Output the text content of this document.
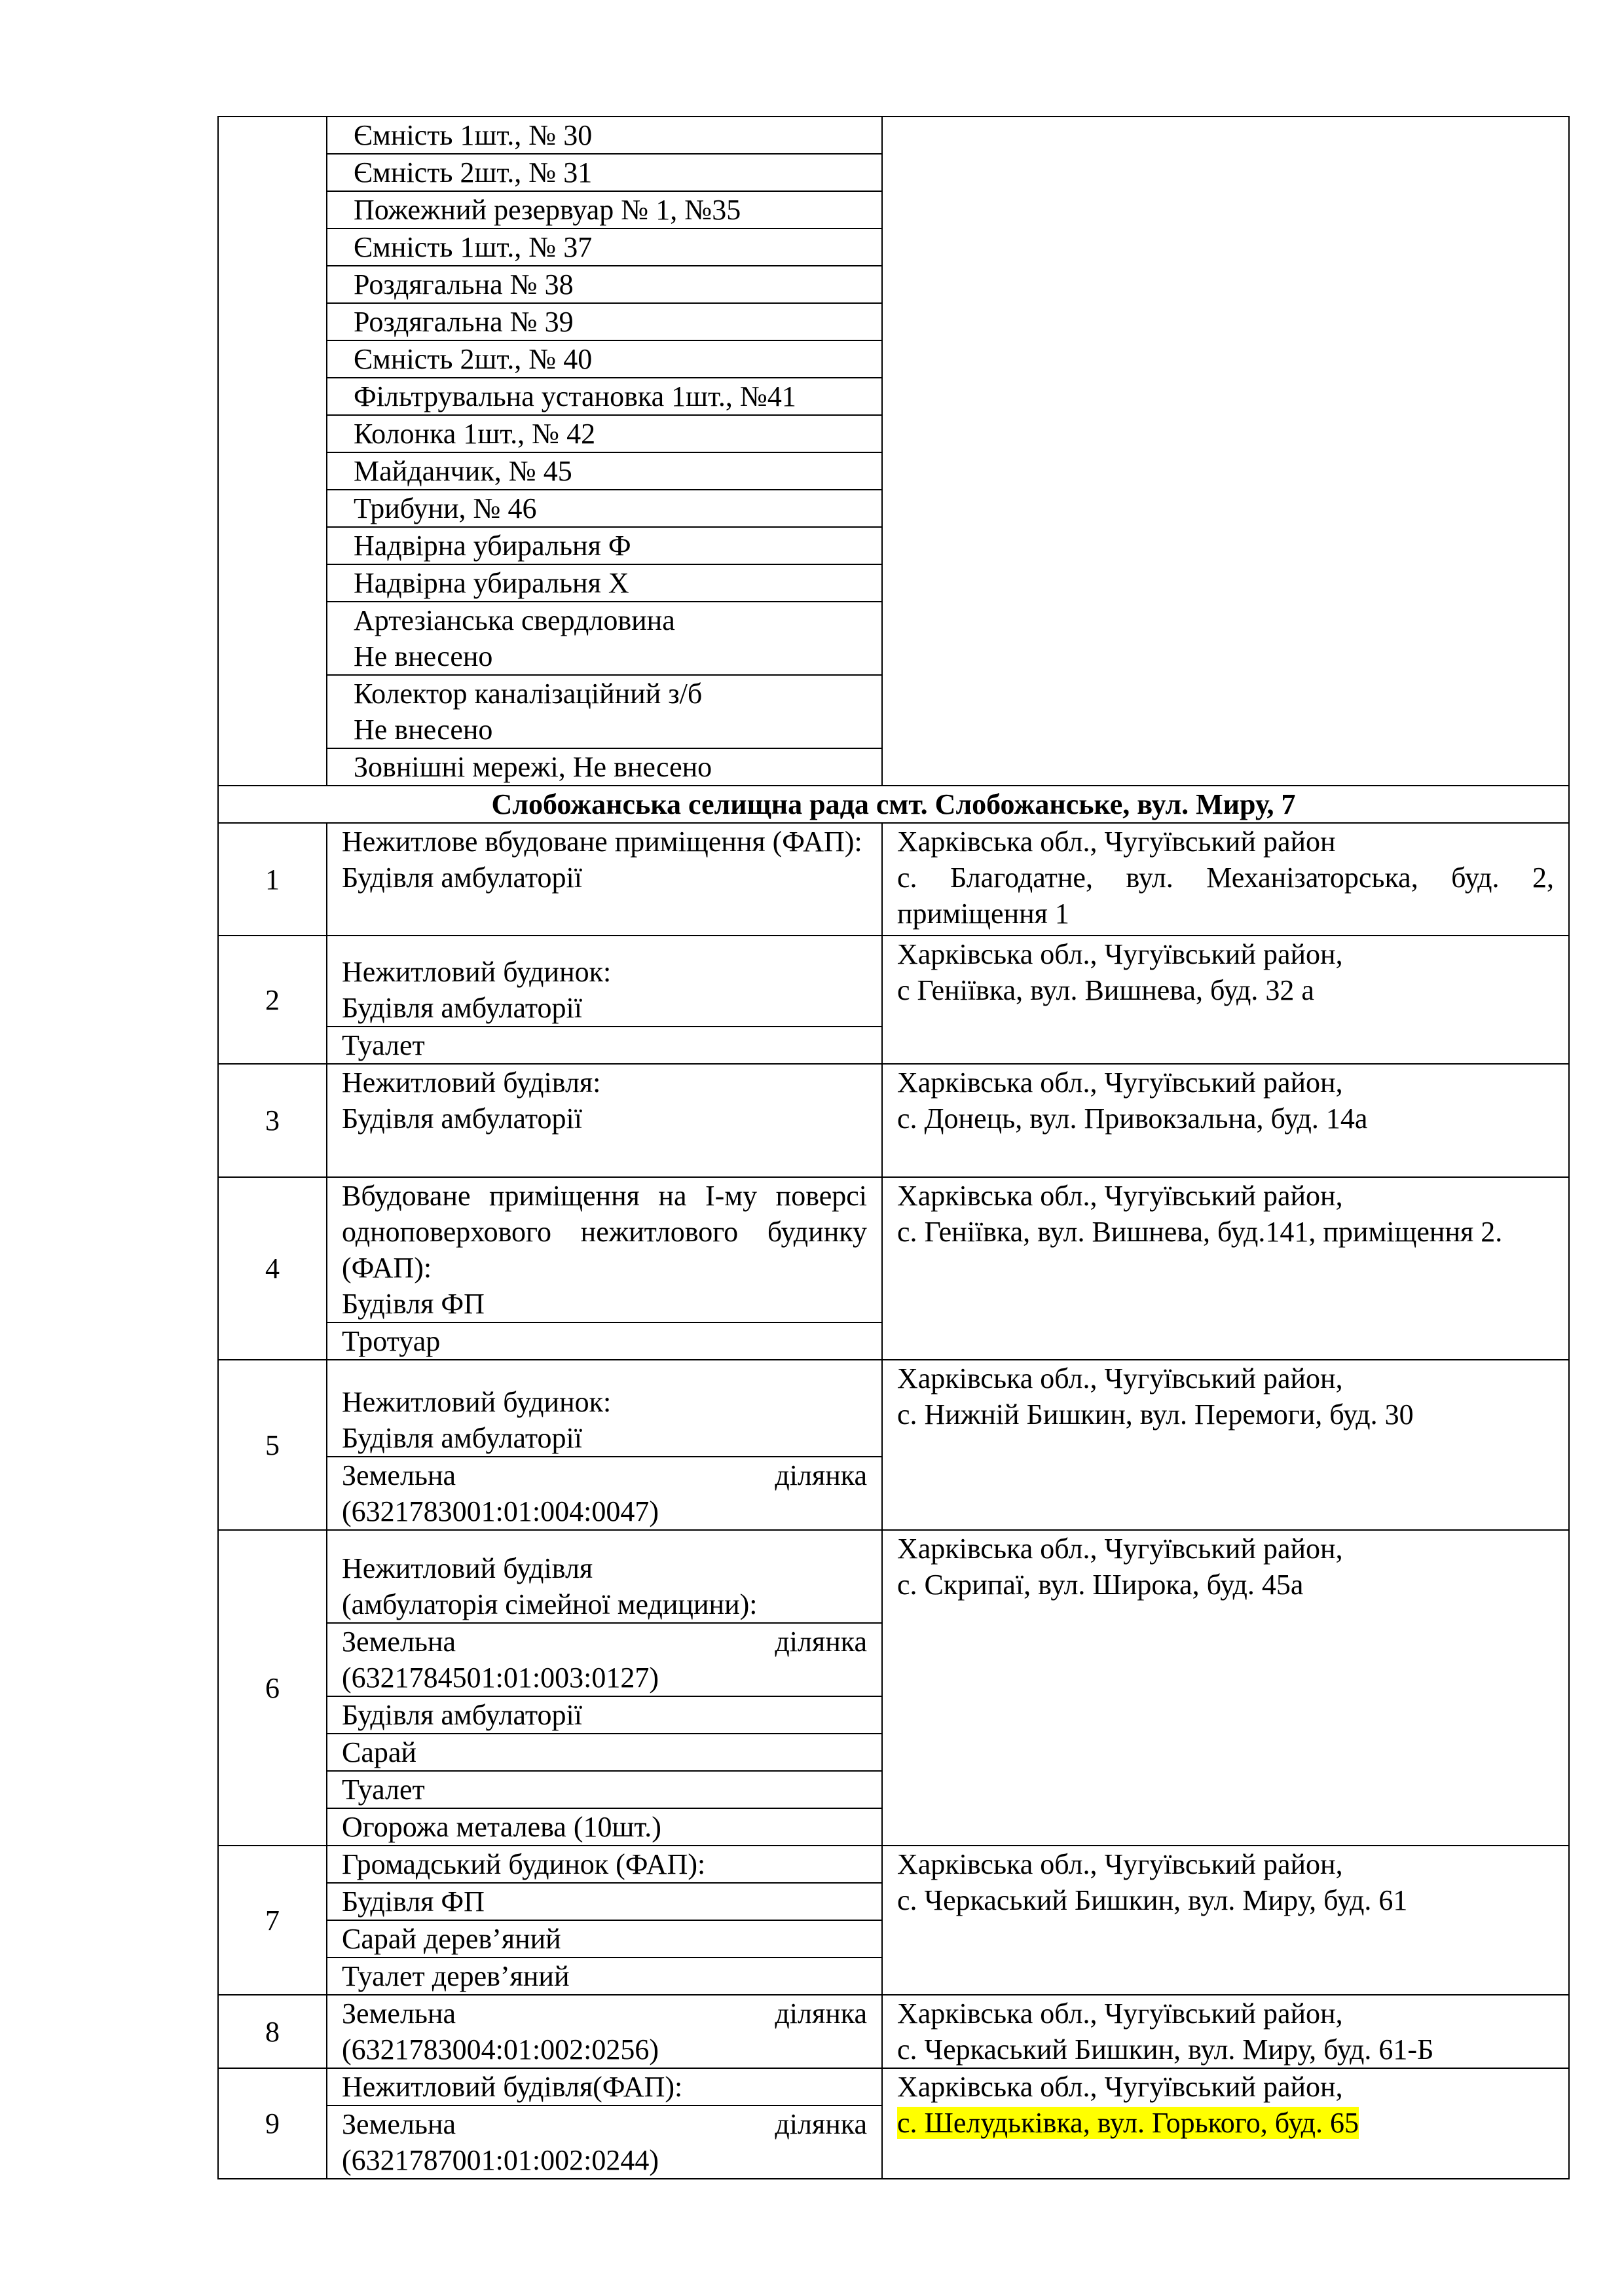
	Ємність 1шт., № 30	
	Ємність 2шт., № 31	
	Пожежний резервуар № 1, №35	
	Ємність 1шт., № 37	
	Роздягальна № 38	
	Роздягальна № 39	
	Ємність 2шт., № 40	
	Фільтрувальна установка 1шт., №41	
	Колонка 1шт., № 42	
	Майданчик, № 45	
	Трибуни, № 46	
	Надвірна убиральня Ф	
	Надвірна убиральня Х	

	Артезіанська свердловина
Не внесено	

	Колектор каналізаційний з/б
Не внесено	

	Зовнішні мережі, Не внесено	
Слобожанська селищна рада смт. Слобожанське, вул. Миру, 7		
1	Нежитлове вбудоване приміщення (ФАП):
Будівля амбулаторії	Харківська обл., Чугуївський район
с. Благодатне, вул. Механізаторська, буд. 2, приміщення 1

2	Нежитловий будинок:
Будівля амбулаторії	Харківська обл., Чугуївський район,
с Геніївка, вул. Вишнева, буд. 32 а

	Туалет	
3	Нежитловий будівля:
Будівля амбулаторії	Харківська обл., Чугуївський район,
с. Донець, вул. Привокзальна, буд. 14а

4	Вбудоване приміщення на І-му поверсі одноповерхового нежитлового будинку (ФАП):
Будівля ФП	Харківська обл., Чугуївський район,
с. Геніївка, вул. Вишнева, буд.141, приміщення 2.

	Тротуар	
5	Нежитловий будинок:
Будівля амбулаторії	Харківська обл., Чугуївський район,
с. Нижній Бишкин, вул. Перемоги, буд. 30

	Земельна ділянка (6321783001:01:004:0047)	
6	Нежитловий будівля
(амбулаторія сімейної медицини):	Харківська обл., Чугуївський район,
с. Скрипаї, вул. Широка, буд. 45а

	Земельна ділянка (6321784501:01:003:0127)	
	Будівля амбулаторії	
	Сарай	
	Туалет	
	Огорожа металева (10шт.)	
7	Громадський будинок (ФАП):	Харківська обл., Чугуївський район,
с. Черкаський Бишкин, вул. Миру, буд. 61

	Будівля ФП	
	Сарай дерев’яний	
	Туалет дерев’яний	
8	Земельна ділянка (6321783004:01:002:0256)	Харківська обл., Чугуївський район,
с. Черкаський Бишкин, вул. Миру, буд. 61-Б

9	Нежитловий будівля(ФАП):	Харківська обл., Чугуївський район,
с. Шелудьківка, вул. Горького, буд. 65

	Земельна ділянка (6321787001:01:002:0244)	
